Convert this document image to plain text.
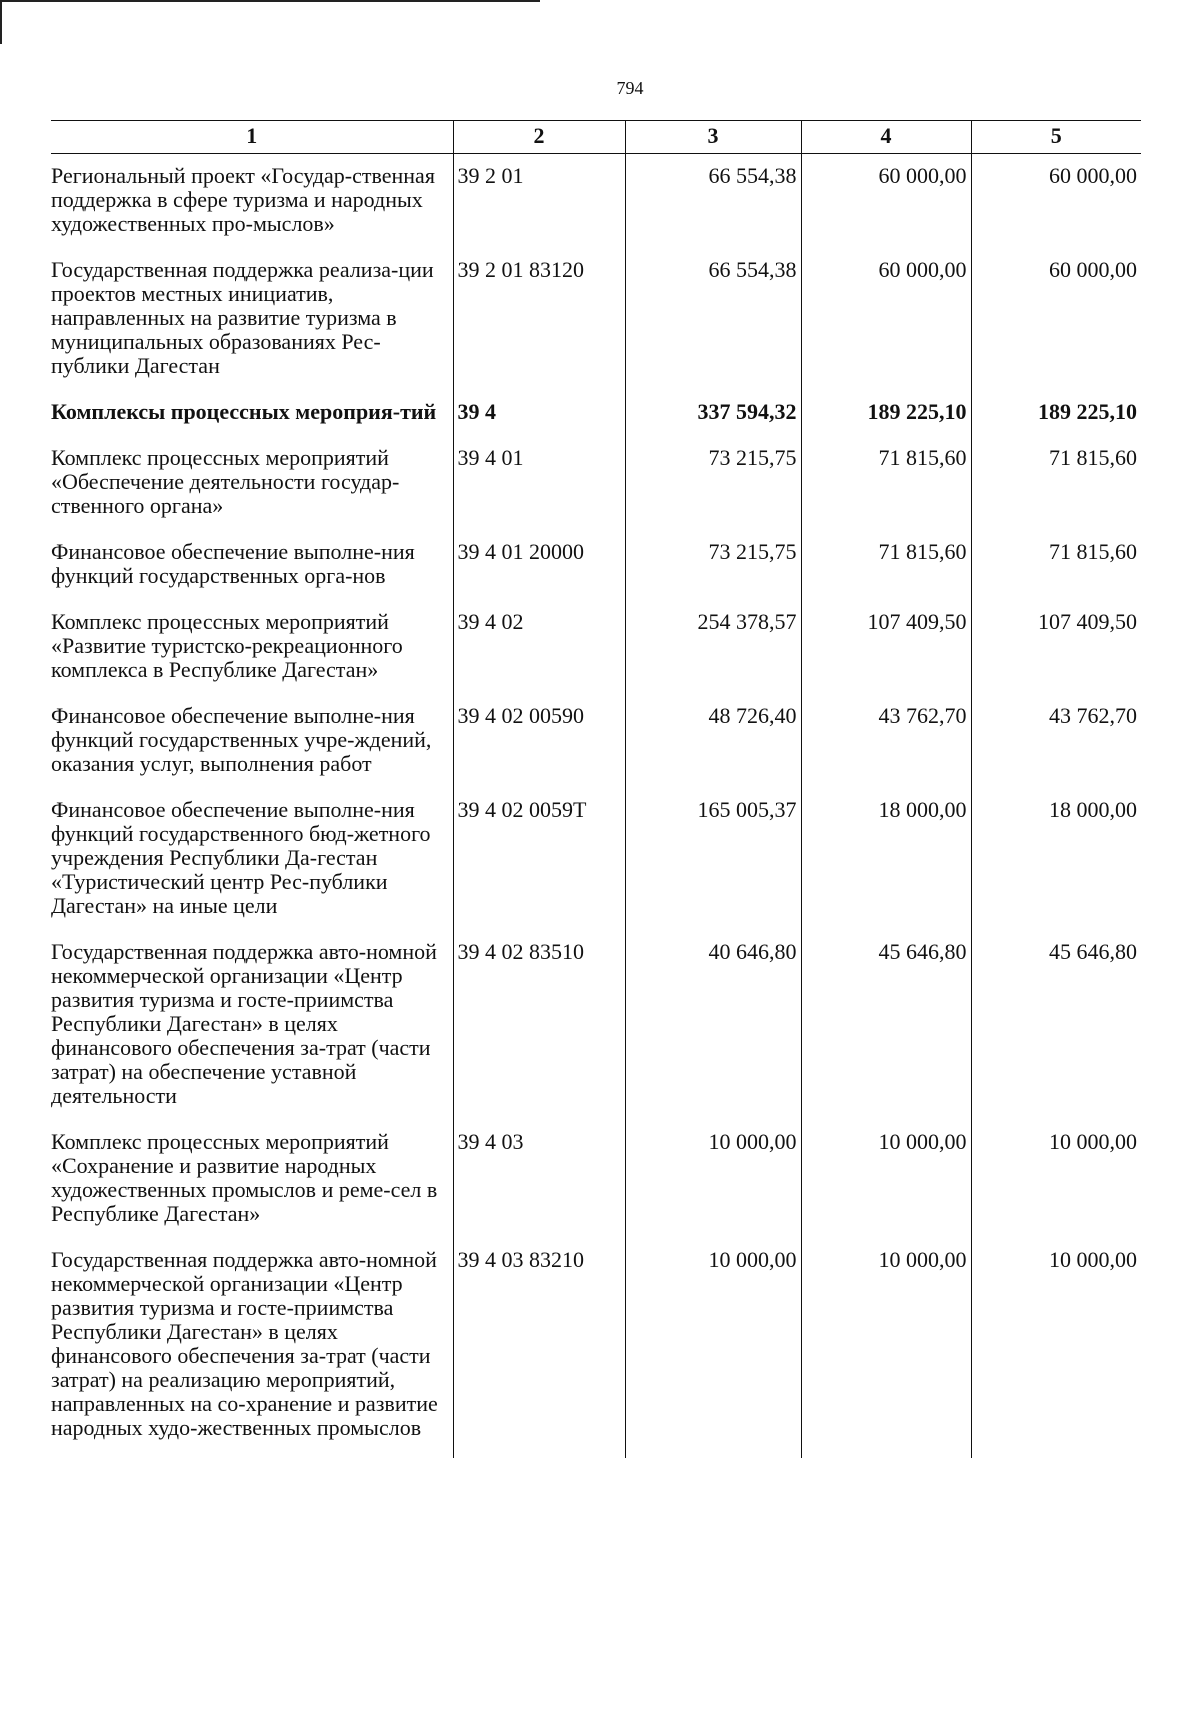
794
1	2	3	4	5
Региональный проект «Государ-ственная поддержка в сфере туризма и народных художественных про-мыслов»	39 2 01	66 554,38	60 000,00	60 000,00
Государственная поддержка реализа-ции проектов местных инициатив, направленных на развитие туризма в муниципальных образованиях Рес-публики Дагестан	39 2 01 83120	66 554,38	60 000,00	60 000,00
Комплексы процессных мероприя-тий	39 4	337 594,32	189 225,10	189 225,10
Комплекс процессных мероприятий «Обеспечение деятельности государ-ственного органа»	39 4 01	73 215,75	71 815,60	71 815,60
Финансовое обеспечение выполне-ния функций государственных орга-нов	39 4 01 20000	73 215,75	71 815,60	71 815,60
Комплекс процессных мероприятий «Развитие туристско-рекреационного комплекса в Республике Дагестан»	39 4 02	254 378,57	107 409,50	107 409,50
Финансовое обеспечение выполне-ния функций государственных учре-ждений, оказания услуг, выполнения работ	39 4 02 00590	48 726,40	43 762,70	43 762,70
Финансовое обеспечение выполне-ния функций государственного бюд-жетного учреждения Республики Да-гестан «Туристический центр Рес-публики Дагестан» на иные цели	39 4 02 0059Т	165 005,37	18 000,00	18 000,00
Государственная поддержка авто-номной некоммерческой организации «Центр развития туризма и госте-приимства Республики Дагестан» в целях финансового обеспечения за-трат (части затрат) на обеспечение уставной деятельности	39 4 02 83510	40 646,80	45 646,80	45 646,80
Комплекс процессных мероприятий «Сохранение и развитие народных художественных промыслов и реме-сел в Республике Дагестан»	39 4 03	10 000,00	10 000,00	10 000,00
Государственная поддержка авто-номной некоммерческой организации «Центр развития туризма и госте-приимства Республики Дагестан» в целях финансового обеспечения за-трат (части затрат) на реализацию мероприятий, направленных на со-хранение и развитие народных худо-жественных промыслов	39 4 03 83210	10 000,00	10 000,00	10 000,00
